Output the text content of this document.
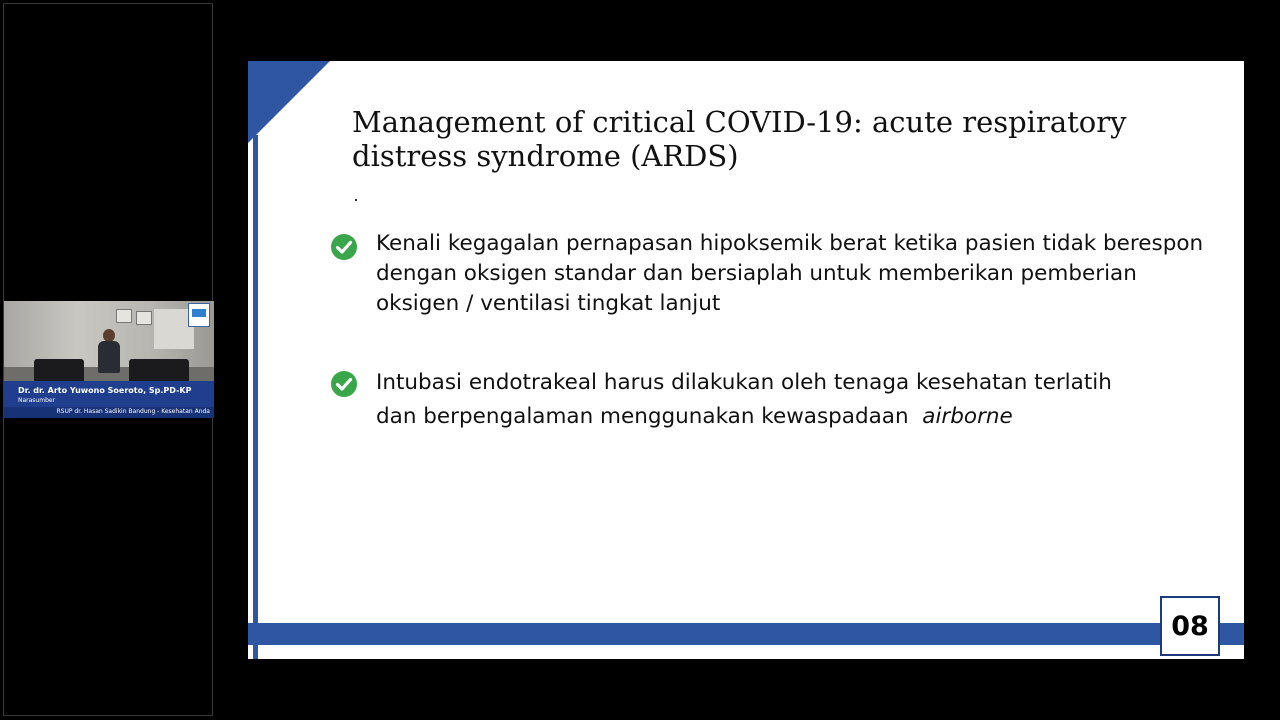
Dr. dr. Arto Yuwono Soeroto, Sp.PD-KP
Narasumber
RSUP dr. Hasan Sadikin Bandung - Kesehatan Anda
Management of critical COVID-19: acute respiratory
distress syndrome (ARDS)

Kenali kegagalan pernapasan hipoksemik berat ketika pasien tidak berespon
dengan oksigen standar dan bersiaplah untuk memberikan pemberian
oksigen / ventilasi tingkat lanjut

Intubasi endotrakeal harus dilakukan oleh tenaga kesehatan terlatih
dan berpengalaman menggunakan kewaspadaan  airborne

08
